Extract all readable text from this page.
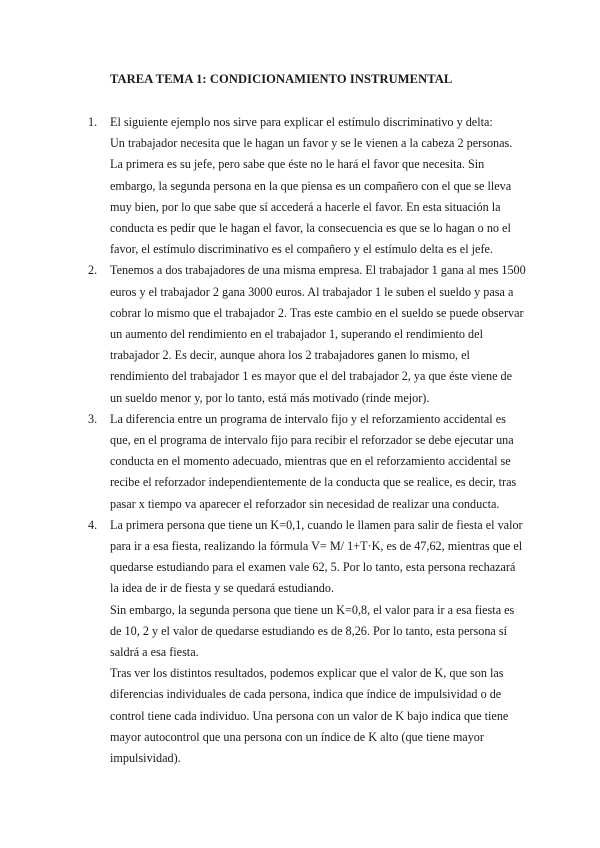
TAREA TEMA 1: CONDICIONAMIENTO INSTRUMENTAL
1. El siguiente ejemplo nos sirve para explicar el estímulo discriminativo y delta:

Un trabajador necesita que le hagan un favor y se le vienen a la cabeza 2 personas. La primera es su jefe, pero sabe que éste no le hará el favor que necesita. Sin embargo, la segunda persona en la que piensa es un compañero con el que se lleva muy bien, por lo que sabe que sí accederá a hacerle el favor. En esta situación la conducta es pedir que le hagan el favor, la consecuencia es que se lo hagan o no el favor, el estímulo discriminativo es el compañero y el estímulo delta es el jefe.

2. Tenemos a dos trabajadores de una misma empresa. El trabajador 1 gana al mes 1500 euros y el trabajador 2 gana 3000 euros. Al trabajador 1 le suben el sueldo y pasa a cobrar lo mismo que el trabajador 2. Tras este cambio en el sueldo se puede observar un aumento del rendimiento en el trabajador 1, superando el rendimiento del trabajador 2. Es decir, aunque ahora los 2 trabajadores ganen lo mismo, el rendimiento del trabajador 1 es mayor que el del trabajador 2, ya que éste viene de un sueldo menor y, por lo tanto, está más motivado (rinde mejor).

3. La diferencia entre un programa de intervalo fijo y el reforzamiento accidental es que, en el programa de intervalo fijo para recibir el reforzador se debe ejecutar una conducta en el momento adecuado, mientras que en el reforzamiento accidental se recibe el reforzador independientemente de la conducta que se realice, es decir, tras pasar x tiempo va aparecer el reforzador sin necesidad de realizar una conducta.

4. La primera persona que tiene un K=0,1, cuando le llamen para salir de fiesta el valor para ir a esa fiesta, realizando la fórmula V= M/ 1+T·K, es de 47,62, mientras que el quedarse estudiando para el examen vale 62, 5. Por lo tanto, esta persona rechazará la idea de ir de fiesta y se quedará estudiando.

Sin embargo, la segunda persona que tiene un K=0,8, el valor para ir a esa fiesta es de 10, 2 y el valor de quedarse estudiando es de 8,26. Por lo tanto, esta persona sí saldrá a esa fiesta.

Tras ver los distintos resultados, podemos explicar que el valor de K, que son las diferencias individuales de cada persona, indica que índice de impulsividad o de control tiene cada individuo. Una persona con un valor de K bajo indica que tiene mayor autocontrol que una persona con un índice de K alto (que tiene mayor impulsividad).
